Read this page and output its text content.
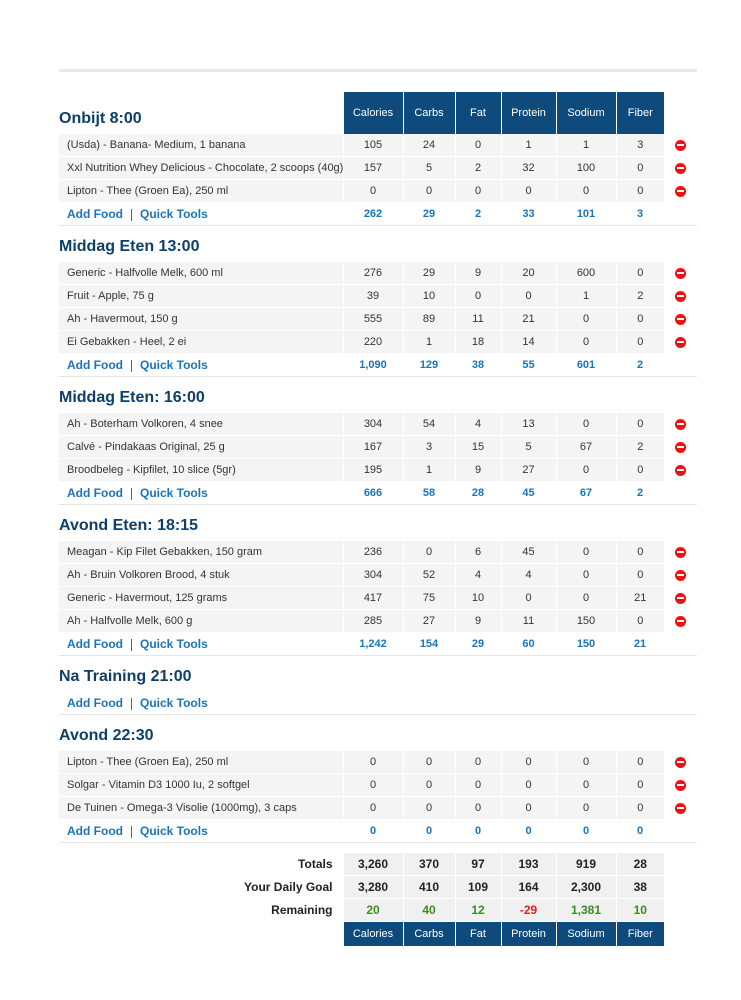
Onbijt 8:00	Calories	Carbs	Fat	Protein	Sodium	Fiber	
(Usda) - Banana- Medium, 1 banana	105	24	0	1	1	3	
Xxl Nutrition Whey Delicious - Chocolate, 2 scoops (40g)	157	5	2	32	100	0	
Lipton - Thee (Groen Ea), 250 ml	0	0	0	0	0	0	
Add Food Quick Tools	262	29	2	33	101	3	
Middag Eten 13:00							
Generic - Halfvolle Melk, 600 ml	276	29	9	20	600	0	
Fruit - Apple, 75 g	39	10	0	0	1	2	
Ah - Havermout, 150 g	555	89	11	21	0	0	
Ei Gebakken - Heel, 2 ei	220	1	18	14	0	0	
Add Food Quick Tools	1,090	129	38	55	601	2	
Middag Eten: 16:00							
Ah - Boterham Volkoren, 4 snee	304	54	4	13	0	0	
Calvé - Pindakaas Original, 25 g	167	3	15	5	67	2	
Broodbeleg - Kipfilet, 10 slice (5gr)	195	1	9	27	0	0	
Add Food Quick Tools	666	58	28	45	67	2	
Avond Eten: 18:15							
Meagan - Kip Filet Gebakken, 150 gram	236	0	6	45	0	0	
Ah - Bruin Volkoren Brood, 4 stuk	304	52	4	4	0	0	
Generic - Havermout, 125 grams	417	75	10	0	0	21	
Ah - Halfvolle Melk, 600 g	285	27	9	11	150	0	
Add Food Quick Tools	1,242	154	29	60	150	21	
Na Training 21:00							
Add Food Quick Tools							
Avond 22:30							
Lipton - Thee (Groen Ea), 250 ml	0	0	0	0	0	0	
Solgar - Vitamin D3 1000 Iu, 2 softgel	0	0	0	0	0	0	
De Tuinen - Omega-3 Visolie (1000mg), 3 caps	0	0	0	0	0	0	
Add Food Quick Tools	0	0	0	0	0	0	
Totals	3,260	370	97	193	919	28	
Your Daily Goal	3,280	410	109	164	2,300	38	
Remaining	20	40	12	-29	1,381	10	
	Calories	Carbs	Fat	Protein	Sodium	Fiber	
